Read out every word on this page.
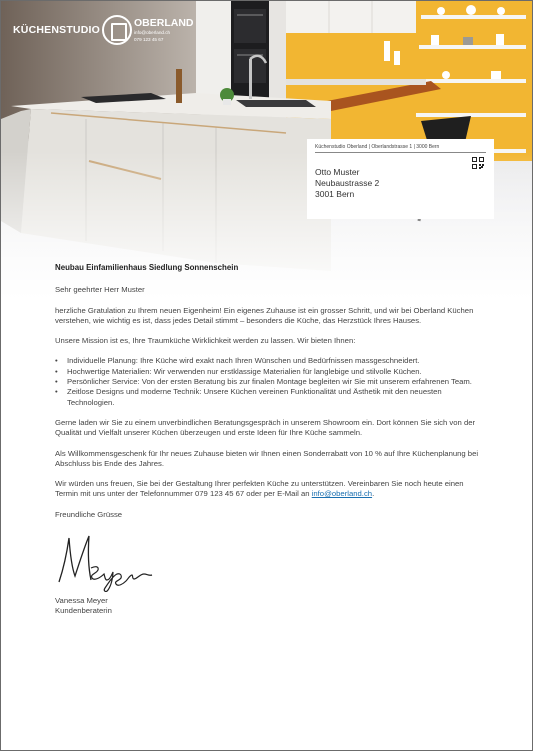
KÜCHENSTUDIO
OBERLAND
info@oberland.ch
079 123 45 67
Küchenstudio Oberland | Oberlandstrasse 1 | 3000 Bern
Otto Muster
Neubaustrasse 2
3001 Bern
Neubau Einfamilienhaus Siedlung Sonnenschein
Sehr geehrter Herr Muster
herzliche Gratulation zu Ihrem neuen Eigenheim! Ein eigenes Zuhause ist ein grosser Schritt, und wir bei Oberland Küchen verstehen, wie wichtig es ist, dass jedes Detail stimmt – besonders die Küche, das Herzstück Ihres Hauses.
Unsere Mission ist es, Ihre Traumküche Wirklichkeit werden zu lassen. Wir bieten Ihnen:
• Individuelle Planung: Ihre Küche wird exakt nach Ihren Wünschen und Bedürfnissen massgeschneidert.
• Hochwertige Materialien: Wir verwenden nur erstklassige Materialien für langlebige und stilvolle Küchen.
• Persönlicher Service: Von der ersten Beratung bis zur finalen Montage begleiten wir Sie mit unserem erfahrenen Team.
• Zeitlose Designs und moderne Technik: Unsere Küchen vereinen Funktionalität und Ästhetik mit den neuesten Technologien.
Gerne laden wir Sie zu einem unverbindlichen Beratungsgespräch in unserem Showroom ein. Dort können Sie sich von der Qualität und Vielfalt unserer Küchen überzeugen und erste Ideen für Ihre Küche sammeln.
Als Willkommensgeschenk für Ihr neues Zuhause bieten wir Ihnen einen Sonderrabatt von 10 % auf Ihre Küchenplanung bei Abschluss bis Ende des Jahres.
Wir würden uns freuen, Sie bei der Gestaltung Ihrer perfekten Küche zu unterstützen. Vereinbaren Sie noch heute einen Termin mit uns unter der Telefonnummer 079 123 45 67 oder per E-Mail an info@oberland.ch.
Freundliche Grüsse
Vanessa Meyer
Kundenberaterin
